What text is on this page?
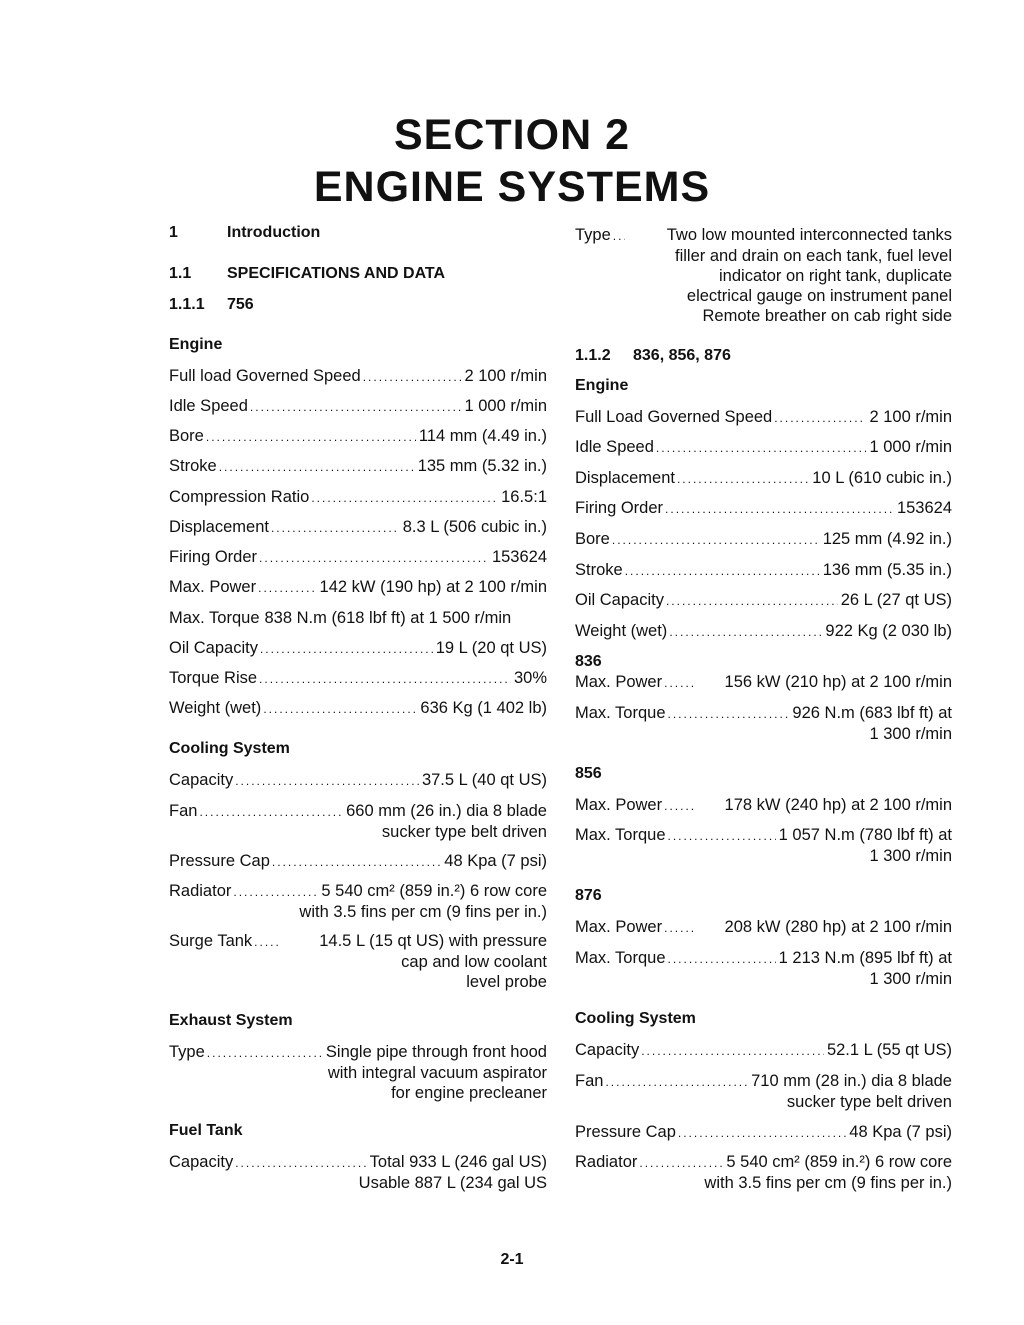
SECTION 2
ENGINE SYSTEMS
1	Introduction
1.1 SPECIFICATIONS AND DATA
1.1.1 756
Engine
Full load Governed Speed .....	2 100 r/min
Idle Speed .....	1 000 r/min
Bore .....	114 mm (4.49 in.)
Stroke .....	135 mm (5.32 in.)
Compression Ratio .....	16.5:1
Displacement .....	8.3 L (506 cubic in.)
Firing Order .....	153624
Max. Power .....	142 kW (190 hp) at 2 100 r/min
Max. Torque 838 N.m (618 lbf ft) at 1 500 r/min
Oil Capacity .....	19 L (20 qt US)
Torque Rise .....	30%
Weight (wet) .....	636 Kg (1 402 lb)
Cooling System
Capacity .....	37.5 L (40 qt US)
Fan .....	660 mm (26 in.) dia 8 blade
sucker type belt driven
Pressure Cap .....	48 Kpa (7 psi)
Radiator .....	5 540 cm² (859 in.²) 6 row core
with 3.5 fins per cm (9 fins per in.)
Surge Tank .....	14.5 L (15 qt US) with pressure
cap and low coolant
level probe
Exhaust System
Type .....	Single pipe through front hood
with integral vacuum aspirator
for engine precleaner
Fuel Tank
Capacity .....	Total 933 L (246 gal US)
Usable 887 L (234 gal US
Type .....	Two low mounted interconnected tanks
filler and drain on each tank, fuel level
indicator on right tank, duplicate
electrical gauge on instrument panel
Remote breather on cab right side
1.1.2 836, 856, 876
Engine
Full Load Governed Speed .....	2 100 r/min
Idle Speed .....	1 000 r/min
Displacement .....	10 L (610 cubic in.)
Firing Order .....	153624
Bore .....	125 mm (4.92 in.)
Stroke .....	136 mm (5.35 in.)
Oil Capacity .....	26 L (27 qt US)
Weight (wet) .....	922 Kg (2 030 lb)
836
Max. Power .....	156 kW (210 hp) at 2 100 r/min
Max. Torque .....	926 N.m (683 lbf ft) at
1 300 r/min
856
Max. Power .....	178 kW (240 hp) at 2 100 r/min
Max. Torque .....	1 057 N.m (780 lbf ft) at
1 300 r/min
876
Max. Power .....	208 kW (280 hp) at 2 100 r/min
Max. Torque .....	1 213 N.m (895 lbf ft) at
1 300 r/min
Cooling System
Capacity .....	52.1 L (55 qt US)
Fan .....	710 mm (28 in.) dia 8 blade
sucker type belt driven
Pressure Cap .....	48 Kpa (7 psi)
Radiator .....	5 540 cm² (859 in.²) 6 row core
with 3.5 fins per cm (9 fins per in.)
2-1
